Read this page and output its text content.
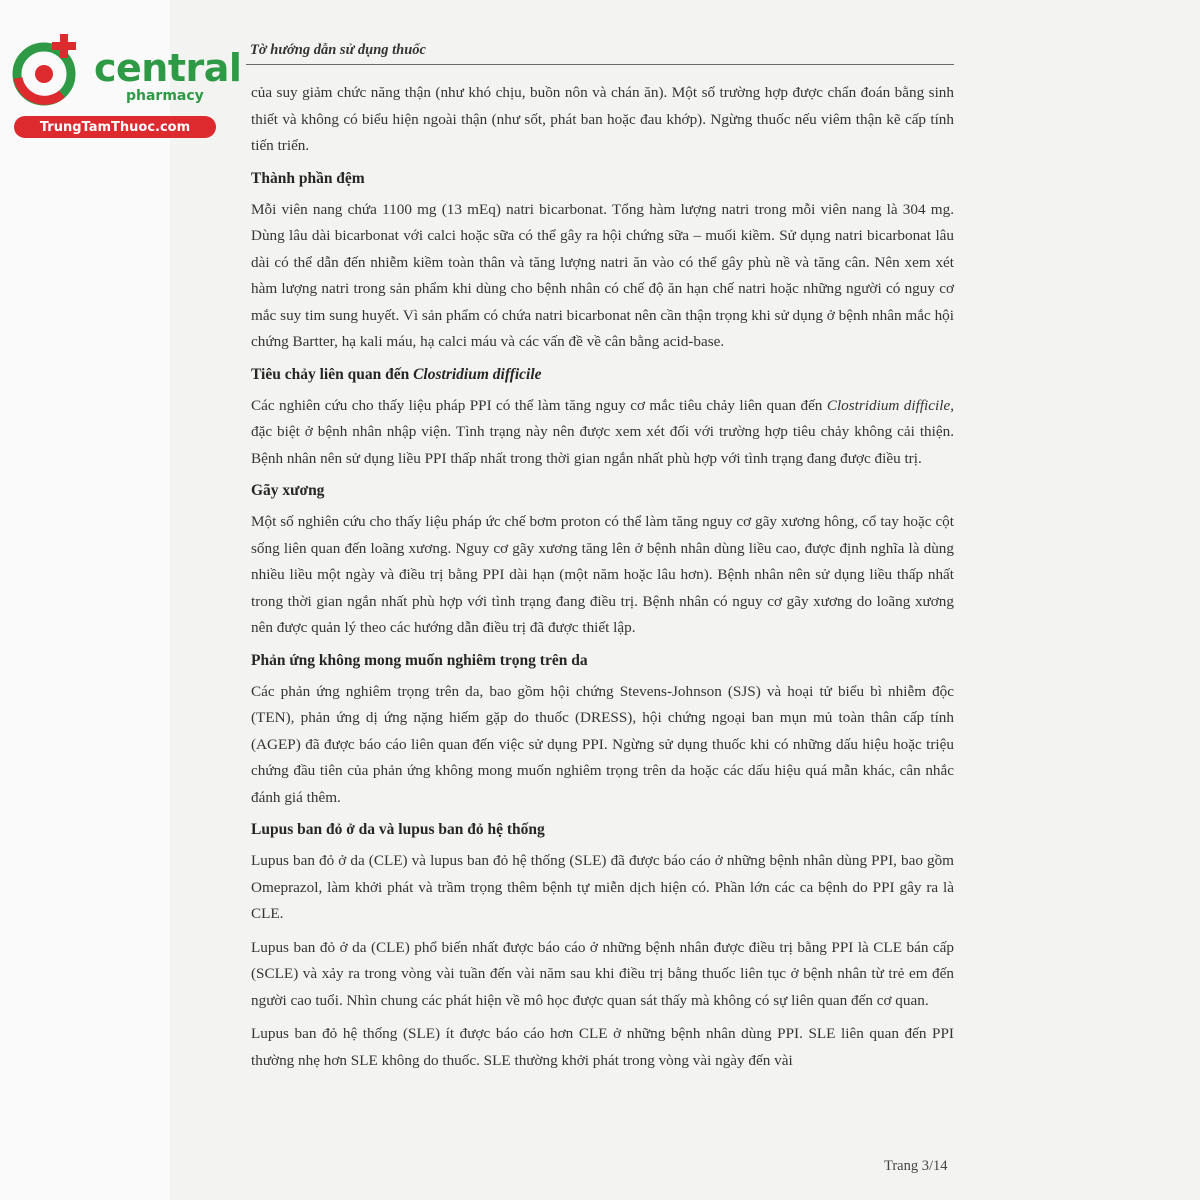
central
pharmacy
TrungTamThuoc.com
Tờ hướng dẫn sử dụng thuốc

của suy giảm chức năng thận (như khó chịu, buồn nôn và chán ăn). Một số trường hợp được chẩn đoán bằng sinh thiết và không có biểu hiện ngoài thận (như sốt, phát ban hoặc đau khớp). Ngừng thuốc nếu viêm thận kẽ cấp tính tiến triển.

Thành phần đệm

Mỗi viên nang chứa 1100 mg (13 mEq) natri bicarbonat. Tổng hàm lượng natri trong mỗi viên nang là 304 mg. Dùng lâu dài bicarbonat với calci hoặc sữa có thể gây ra hội chứng sữa – muối kiềm. Sử dụng natri bicarbonat lâu dài có thể dẫn đến nhiễm kiềm toàn thân và tăng lượng natri ăn vào có thể gây phù nề và tăng cân. Nên xem xét hàm lượng natri trong sản phẩm khi dùng cho bệnh nhân có chế độ ăn hạn chế natri hoặc những người có nguy cơ mắc suy tim sung huyết. Vì sản phẩm có chứa natri bicarbonat nên cần thận trọng khi sử dụng ở bệnh nhân mắc hội chứng Bartter, hạ kali máu, hạ calci máu và các vấn đề về cân bằng acid-base.

Tiêu chảy liên quan đến Clostridium difficile

Các nghiên cứu cho thấy liệu pháp PPI có thể làm tăng nguy cơ mắc tiêu chảy liên quan đến Clostridium difficile, đặc biệt ở bệnh nhân nhập viện. Tình trạng này nên được xem xét đối với trường hợp tiêu chảy không cải thiện. Bệnh nhân nên sử dụng liều PPI thấp nhất trong thời gian ngắn nhất phù hợp với tình trạng đang được điều trị.

Gãy xương

Một số nghiên cứu cho thấy liệu pháp ức chế bơm proton có thể làm tăng nguy cơ gãy xương hông, cổ tay hoặc cột sống liên quan đến loãng xương. Nguy cơ gãy xương tăng lên ở bệnh nhân dùng liều cao, được định nghĩa là dùng nhiều liều một ngày và điều trị bằng PPI dài hạn (một năm hoặc lâu hơn). Bệnh nhân nên sử dụng liều thấp nhất trong thời gian ngắn nhất phù hợp với tình trạng đang điều trị. Bệnh nhân có nguy cơ gãy xương do loãng xương nên được quản lý theo các hướng dẫn điều trị đã được thiết lập.

Phản ứng không mong muốn nghiêm trọng trên da

Các phản ứng nghiêm trọng trên da, bao gồm hội chứng Stevens-Johnson (SJS) và hoại tử biểu bì nhiễm độc (TEN), phản ứng dị ứng nặng hiếm gặp do thuốc (DRESS), hội chứng ngoại ban mụn mủ toàn thân cấp tính (AGEP) đã được báo cáo liên quan đến việc sử dụng PPI. Ngừng sử dụng thuốc khi có những dấu hiệu hoặc triệu chứng đầu tiên của phản ứng không mong muốn nghiêm trọng trên da hoặc các dấu hiệu quá mẫn khác, cân nhắc đánh giá thêm.

Lupus ban đỏ ở da và lupus ban đỏ hệ thống

Lupus ban đỏ ở da (CLE) và lupus ban đỏ hệ thống (SLE) đã được báo cáo ở những bệnh nhân dùng PPI, bao gồm Omeprazol, làm khởi phát và trầm trọng thêm bệnh tự miễn dịch hiện có. Phần lớn các ca bệnh do PPI gây ra là CLE.

Lupus ban đỏ ở da (CLE) phổ biến nhất được báo cáo ở những bệnh nhân được điều trị bằng PPI là CLE bán cấp (SCLE) và xảy ra trong vòng vài tuần đến vài năm sau khi điều trị bằng thuốc liên tục ở bệnh nhân từ trẻ em đến người cao tuổi. Nhìn chung các phát hiện về mô học được quan sát thấy mà không có sự liên quan đến cơ quan.

Lupus ban đỏ hệ thống (SLE) ít được báo cáo hơn CLE ở những bệnh nhân dùng PPI. SLE liên quan đến PPI thường nhẹ hơn SLE không do thuốc. SLE thường khởi phát trong vòng vài ngày đến vài

Trang 3/14
